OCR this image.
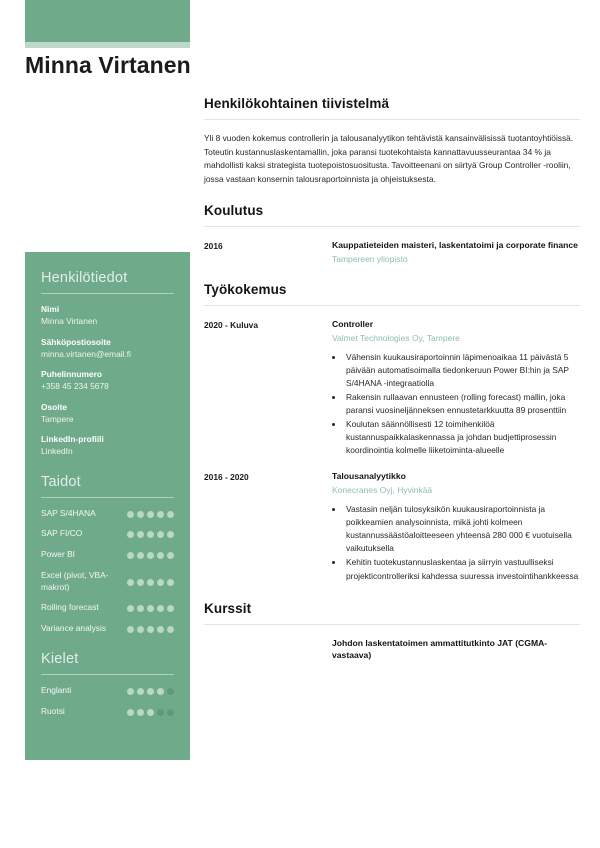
Minna Virtanen
Henkilötiedot
Nimi
Minna Virtanen
Sähköpostiosoite
minna.virtanen@email.fi
Puhelinnumero
+358 45 234 5678
Osoite
Tampere
LinkedIn-profiili
LinkedIn
Taidot
SAP S/4HANA
SAP FI/CO
Power BI
Excel (pivot, VBA-makrot)
Rolling forecast
Variance analysis
Kielet
Englanti
Ruotsi
Henkilökohtainen tiivistelmä

Yli 8 vuoden kokemus controllerin ja talousanalyytikon tehtävistä kansainvälisissä tuotantoyhtiöissä. Toteutin kustannuslaskentamallin, joka paransi tuotekohtaista kannattavuusseurantaa 34 % ja mahdollisti kaksi strategista tuotepoistosuositusta. Tavoitteenani on siirtyä Group Controller -rooliin, jossa vastaan konsernin talousraportoinnista ja ohjeistuksesta.

Koulutus
2016	Kauppatieteiden maisteri, laskentatoimi ja corporate finance
Tampereen yliopisto
Työkokemus
2020 - Kuluva	Controller
Valmet Technologies Oy, Tampere
• Vähensin kuukausiraportoinnin läpimenoaikaa 11 päivästä 5 päivään automatisoimalla tiedonkeruun Power BI:hin ja SAP S/4HANA -integraatiolla
• Rakensin rullaavan ennusteen (rolling forecast) mallin, joka paransi vuosineljänneksen ennustetarkkuutta 89 prosenttiin
• Koulutan säännöllisesti 12 toimihenkilöä kustannuspaikkalaskennassa ja johdan budjettiprosessin koordinointia kolmelle liiketoiminta-alueelle
2016 - 2020	Talousanalyytikko
Konecranes Oyj, Hyvinkää
• Vastasin neljän tulosyksikön kuukausiraportoinnista ja poikkeamien analysoinnista, mikä johti kolmeen kustannussäästöaloitteeseen yhteensä 280 000 € vuotuisella vaikutuksella
• Kehitin tuotekustannuslaskentaa ja siirryin vastuulliseksi projekticontrolleriksi kahdessa suuressa investointihankkeessa
Kurssit
Johdon laskentatoimen ammattitutkinto JAT (CGMA-vastaava)
